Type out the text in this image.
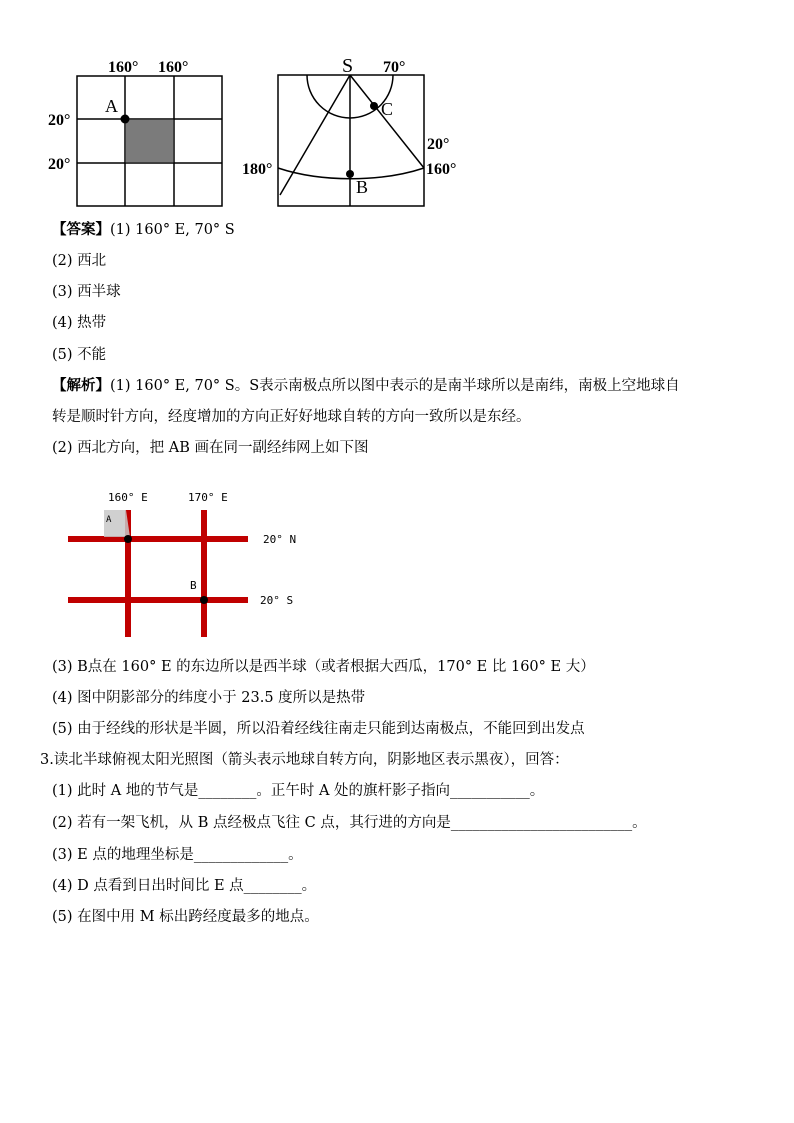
160° 160°
20°
20°
A
S 70°
C
20°
180°	160°
B
【答案】(1) 160° E, 70° S
(2) 西北
(3) 西半球
(4) 热带
(5) 不能
【解析】(1) 160° E, 70° S。S表示南极点所以图中表示的是南半球所以是南纬，南极上空地球自
转是顺时针方向，经度增加的方向正好好地球自转的方向一致所以是东经。
(2) 西北方向，把 AB 画在同一副经纬网上如下图
160° E	170° E
20° N
20° S
A
B
(3) B点在 160° E 的东边所以是西半球（或者根据大西瓜，170° E 比 160° E 大）
(4) 图中阴影部分的纬度小于 23.5 度所以是热带
(5) 由于经线的形状是半圆，所以沿着经线往南走只能到达南极点，不能回到出发点
3.读北半球俯视太阳光照图（箭头表示地球自转方向，阴影地区表示黑夜），回答：
(1) 此时 A 地的节气是________。正午时 A 处的旗杆影子指向___________。
(2) 若有一架飞机，从 B 点经极点飞往 C 点，其行进的方向是_________________________。
(3) E 点的地理坐标是_____________。
(4) D 点看到日出时间比 E 点________。
(5) 在图中用 M 标出跨经度最多的地点。
